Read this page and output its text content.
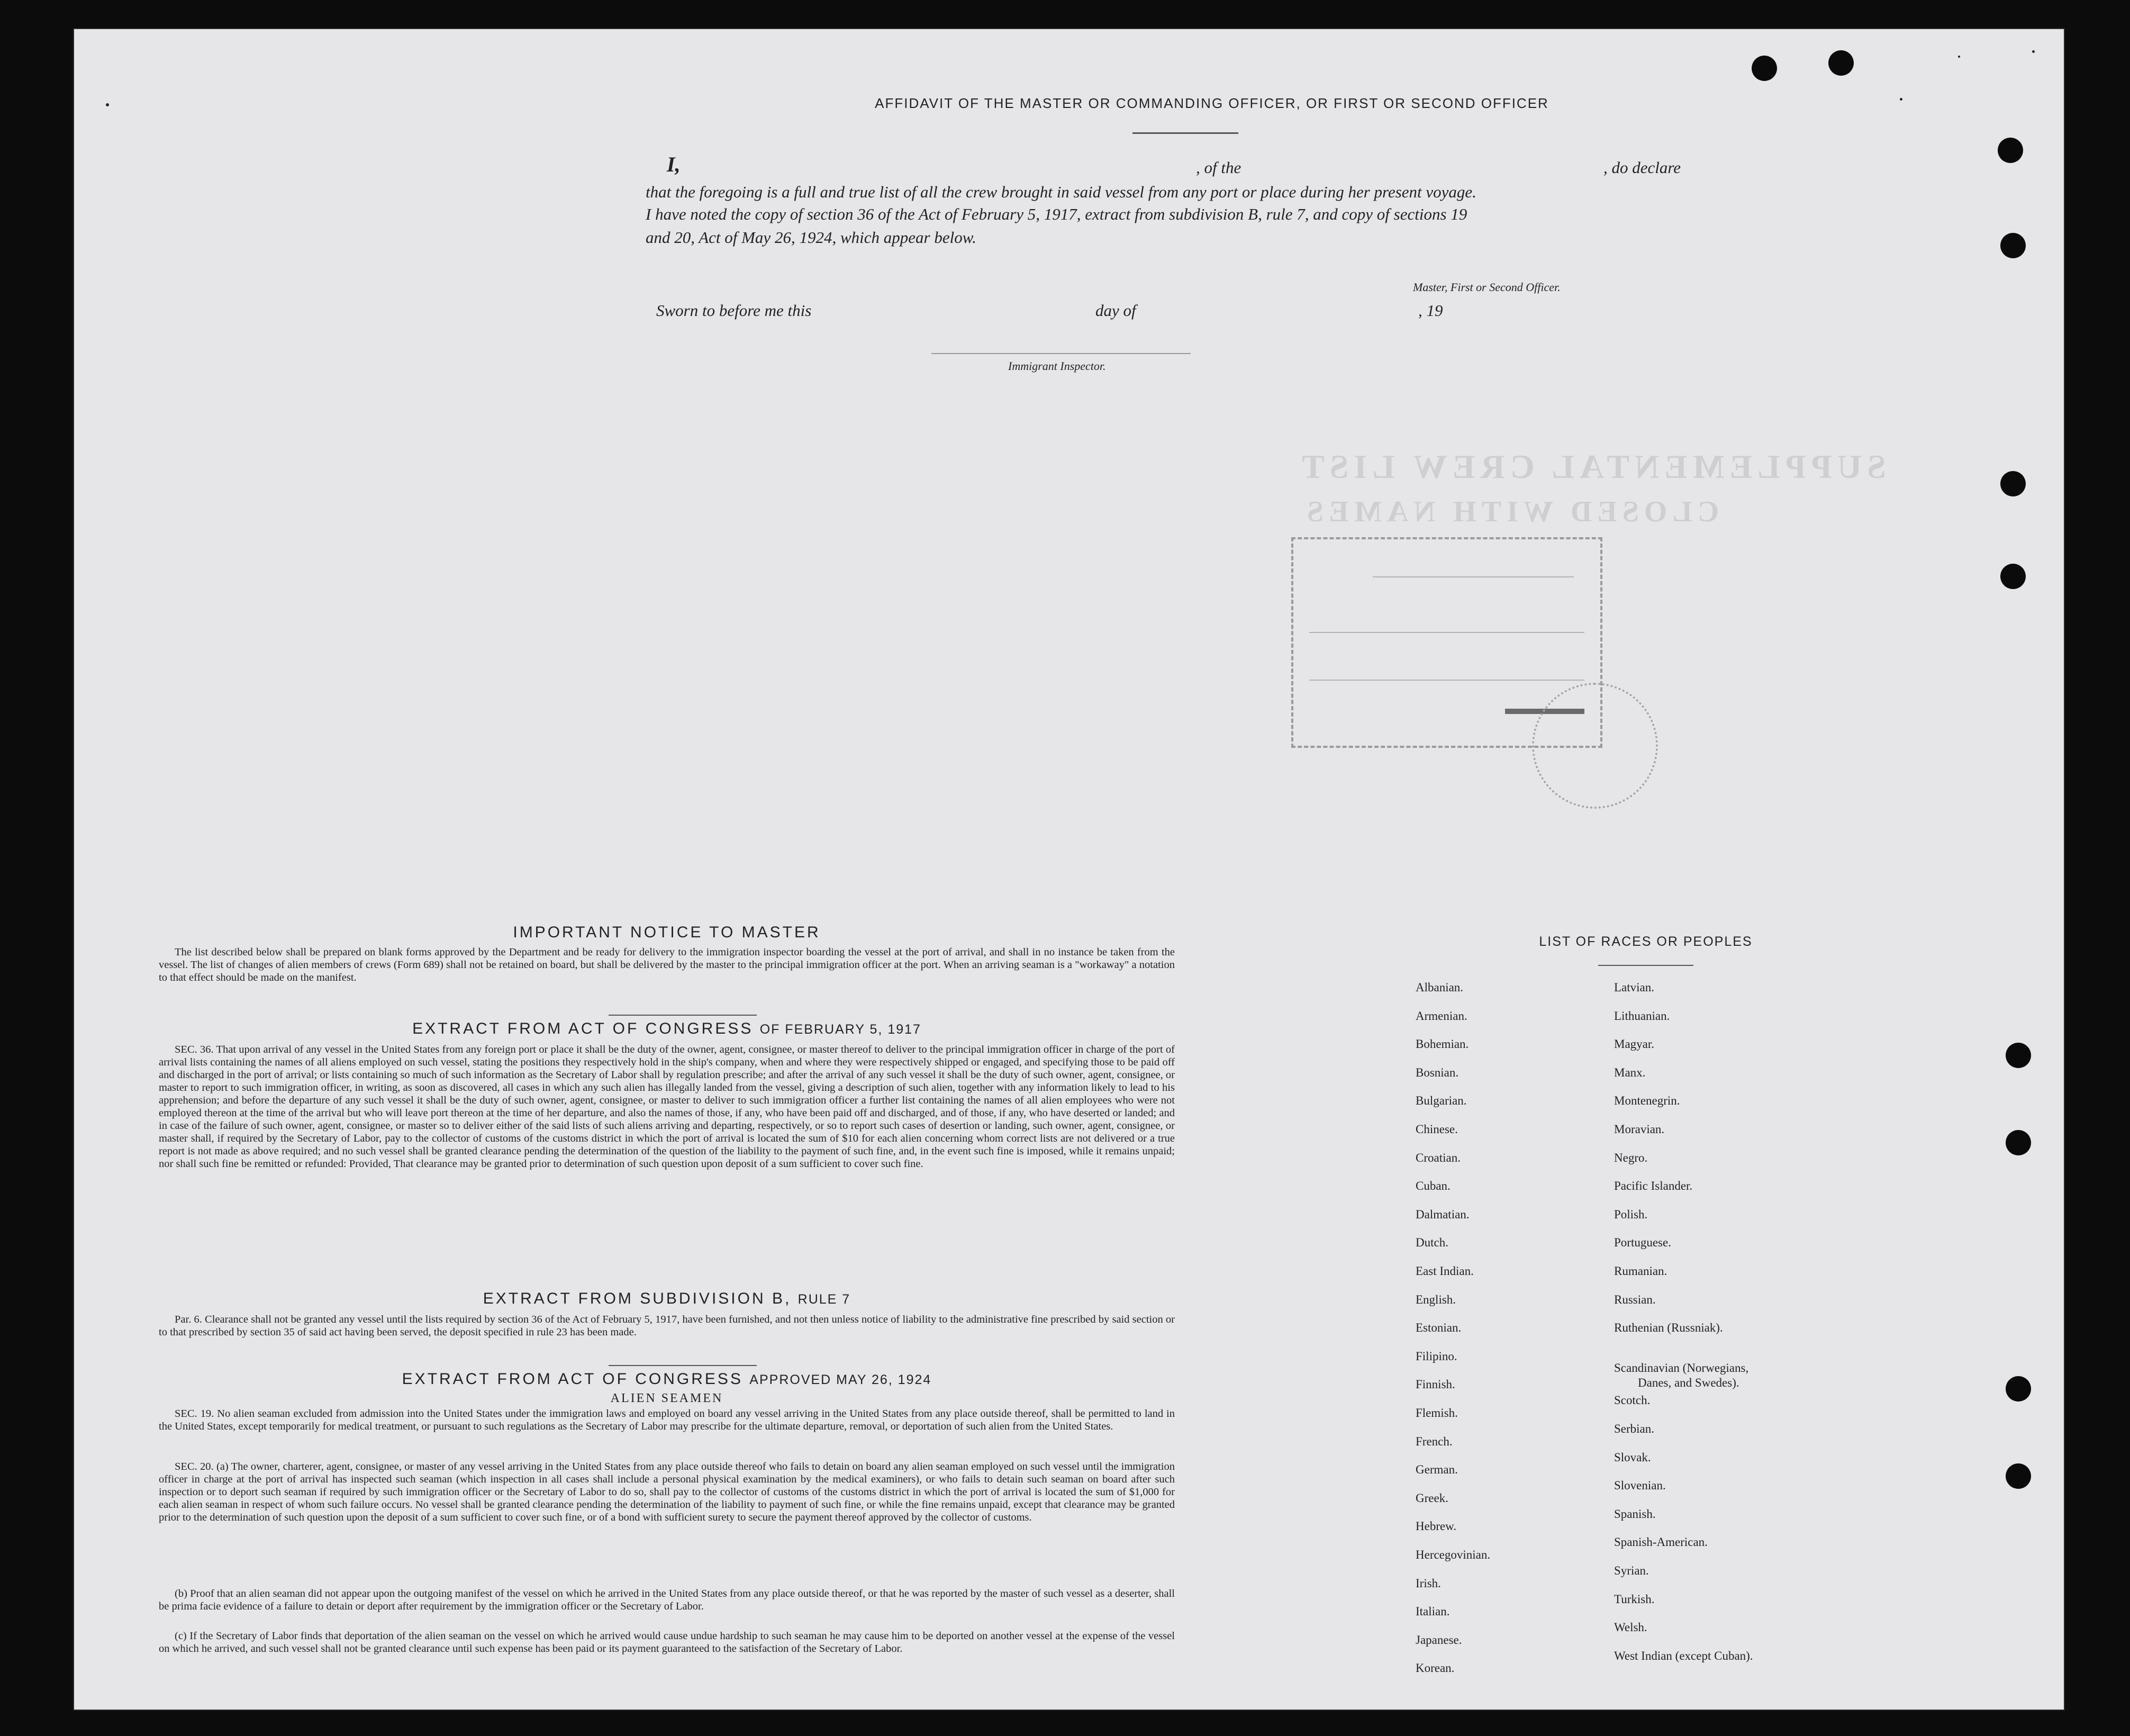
SUPPLEMENTAL CREW LIST
CLOSED WITH NAMES
AFFIDAVIT OF THE MASTER OR COMMANDING OFFICER, OR FIRST OR SECOND OFFICER
I,	, of the	, do declare
that the foregoing is a full and true list of all the crew brought in said vessel from any port or place during her present voyage.
I have noted the copy of section 36 of the Act of February 5, 1917, extract from subdivision B, rule 7, and copy of sections 19
and 20, Act of May 26, 1924, which appear below.
Master, First or Second Officer.
Sworn to before me this	day of	, 19
Immigrant Inspector.
IMPORTANT NOTICE TO MASTER
The list described below shall be prepared on blank forms approved by the Department and be ready for delivery to the immigration inspector boarding the vessel at the port of arrival, and shall in no instance be taken from the vessel. The list of changes of alien members of crews (Form 689) shall not be retained on board, but shall be delivered by the master to the principal immigration officer at the port. When an arriving seaman is a "workaway" a notation to that effect should be made on the manifest.
EXTRACT FROM ACT OF CONGRESS OF FEBRUARY 5, 1917
SEC. 36. That upon arrival of any vessel in the United States from any foreign port or place it shall be the duty of the owner, agent, consignee, or master thereof to deliver to the principal immigration officer in charge of the port of arrival lists containing the names of all aliens employed on such vessel, stating the positions they respectively hold in the ship's company, when and where they were respectively shipped or engaged, and specifying those to be paid off and discharged in the port of arrival; or lists containing so much of such information as the Secretary of Labor shall by regulation prescribe; and after the arrival of any such vessel it shall be the duty of such owner, agent, consignee, or master to report to such immigration officer, in writing, as soon as discovered, all cases in which any such alien has illegally landed from the vessel, giving a description of such alien, together with any information likely to lead to his apprehension; and before the departure of any such vessel it shall be the duty of such owner, agent, consignee, or master to deliver to such immigration officer a further list containing the names of all alien employees who were not employed thereon at the time of the arrival but who will leave port thereon at the time of her departure, and also the names of those, if any, who have been paid off and discharged, and of those, if any, who have deserted or landed; and in case of the failure of such owner, agent, consignee, or master so to deliver either of the said lists of such aliens arriving and departing, respectively, or so to report such cases of desertion or landing, such owner, agent, consignee, or master shall, if required by the Secretary of Labor, pay to the collector of customs of the customs district in which the port of arrival is located the sum of $10 for each alien concerning whom correct lists are not delivered or a true report is not made as above required; and no such vessel shall be granted clearance pending the determination of the question of the liability to the payment of such fine, and, in the event such fine is imposed, while it remains unpaid; nor shall such fine be remitted or refunded: Provided, That clearance may be granted prior to determination of such question upon deposit of a sum sufficient to cover such fine.
EXTRACT FROM SUBDIVISION B, RULE 7
Par. 6. Clearance shall not be granted any vessel until the lists required by section 36 of the Act of February 5, 1917, have been furnished, and not then unless notice of liability to the administrative fine prescribed by said section or to that prescribed by section 35 of said act having been served, the deposit specified in rule 23 has been made.
EXTRACT FROM ACT OF CONGRESS APPROVED MAY 26, 1924
ALIEN SEAMEN
SEC. 19. No alien seaman excluded from admission into the United States under the immigration laws and employed on board any vessel arriving in the United States from any place outside thereof, shall be permitted to land in the United States, except temporarily for medical treatment, or pursuant to such regulations as the Secretary of Labor may prescribe for the ultimate departure, removal, or deportation of such alien from the United States.
SEC. 20. (a) The owner, charterer, agent, consignee, or master of any vessel arriving in the United States from any place outside thereof who fails to detain on board any alien seaman employed on such vessel until the immigration officer in charge at the port of arrival has inspected such seaman (which inspection in all cases shall include a personal physical examination by the medical examiners), or who fails to detain such seaman on board after such inspection or to deport such seaman if required by such immigration officer or the Secretary of Labor to do so, shall pay to the collector of customs of the customs district in which the port of arrival is located the sum of $1,000 for each alien seaman in respect of whom such failure occurs. No vessel shall be granted clearance pending the determination of the liability to payment of such fine, or while the fine remains unpaid, except that clearance may be granted prior to the determination of such question upon the deposit of a sum sufficient to cover such fine, or of a bond with sufficient surety to secure the payment thereof approved by the collector of customs.
(b) Proof that an alien seaman did not appear upon the outgoing manifest of the vessel on which he arrived in the United States from any place outside thereof, or that he was reported by the master of such vessel as a deserter, shall be prima facie evidence of a failure to detain or deport after requirement by the immigration officer or the Secretary of Labor.
(c) If the Secretary of Labor finds that deportation of the alien seaman on the vessel on which he arrived would cause undue hardship to such seaman he may cause him to be deported on another vessel at the expense of the vessel on which he arrived, and such vessel shall not be granted clearance until such expense has been paid or its payment guaranteed to the satisfaction of the Secretary of Labor.
LIST OF RACES OR PEOPLES
Albanian.
Armenian.
Bohemian.
Bosnian.
Bulgarian.
Chinese.
Croatian.
Cuban.
Dalmatian.
Dutch.
East Indian.
English.
Estonian.
Filipino.
Finnish.
Flemish.
French.
German.
Greek.
Hebrew.
Hercegovinian.
Irish.
Italian.
Japanese.
Korean.
Latvian.
Lithuanian.
Magyar.
Manx.
Montenegrin.
Moravian.
Negro.
Pacific Islander.
Polish.
Portuguese.
Rumanian.
Russian.
Ruthenian (Russniak).
Scandinavian (Norwegians,
Danes, and Swedes).
Scotch.
Serbian.
Slovak.
Slovenian.
Spanish.
Spanish-American.
Syrian.
Turkish.
Welsh.
West Indian (except Cuban).
